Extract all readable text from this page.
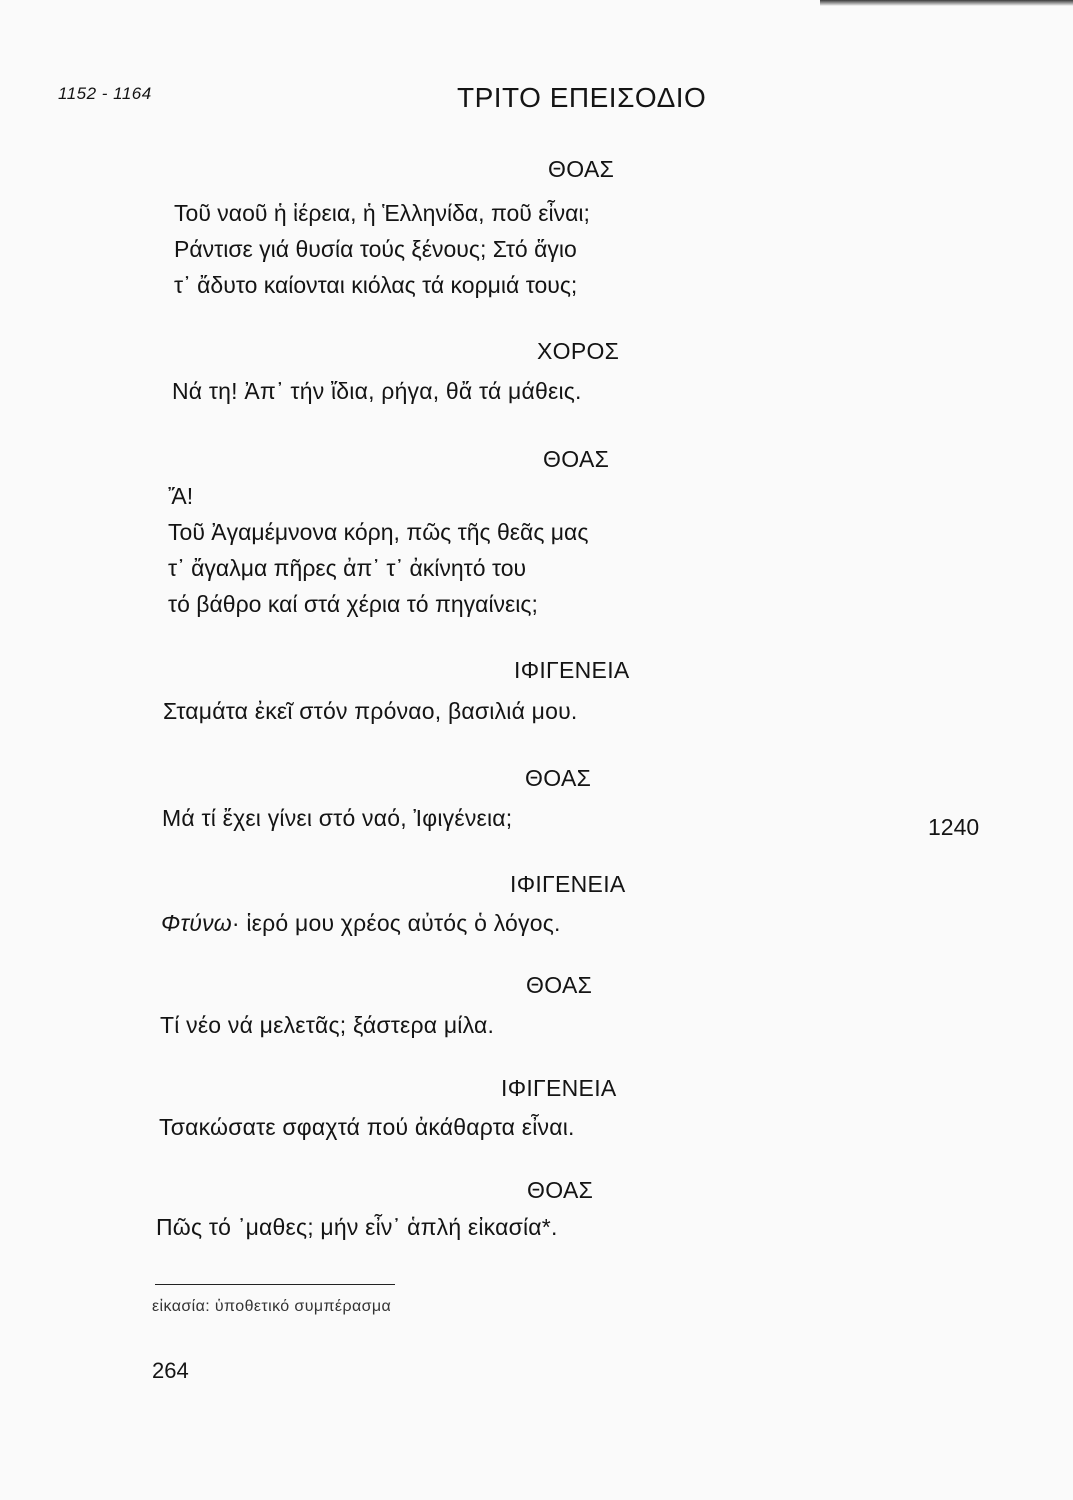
1152 - 1164	ΤΡΙΤΟ ΕΠΕΙΣΟΔΙΟ
ΘΟΑΣ
Τοῦ ναοῦ ἡ ἱέρεια, ἡ Ἑλληνίδα, ποῦ εἶναι;
Ράντισε γιά θυσία τούς ξένους; Στό ἅγιο
τ᾽ ἄδυτο καίονται κιόλας τά κορμιά τους;
ΧΟΡΟΣ
Νά τη! Ἀπ᾽ τήν ἴδια, ρήγα, θἄ τά μάθεις.
ΘΟΑΣ
Ἄ!
Τοῦ Ἀγαμέμνονα κόρη, πῶς τῆς θεᾶς μας
τ᾽ ἄγαλμα πῆρες ἀπ᾽ τ᾽ ἀκίνητό του
τό βάθρο καί στά χέρια τό πηγαίνεις;
ΙΦΙΓΕΝΕΙΑ
Σταμάτα ἐκεῖ στόν πρόναο, βασιλιά μου.
ΘΟΑΣ
Μά τί ἔχει γίνει στό ναό, Ἰφιγένεια;	1240
ΙΦΙΓΕΝΕΙΑ
Φτύνω· ἱερό μου χρέος αὐτός ὁ λόγος.
ΘΟΑΣ
Τί νέο νά μελετᾶς; ξάστερα μίλα.
ΙΦΙΓΕΝΕΙΑ
Τσακώσατε σφαχτά πού ἀκάθαρτα εἶναι.
ΘΟΑΣ
Πῶς τό ᾿μαθες; μήν εἶν᾽ ἁπλή εἰκασία*.
εἰκασία: ὑποθετικό συμπέρασμα
264
